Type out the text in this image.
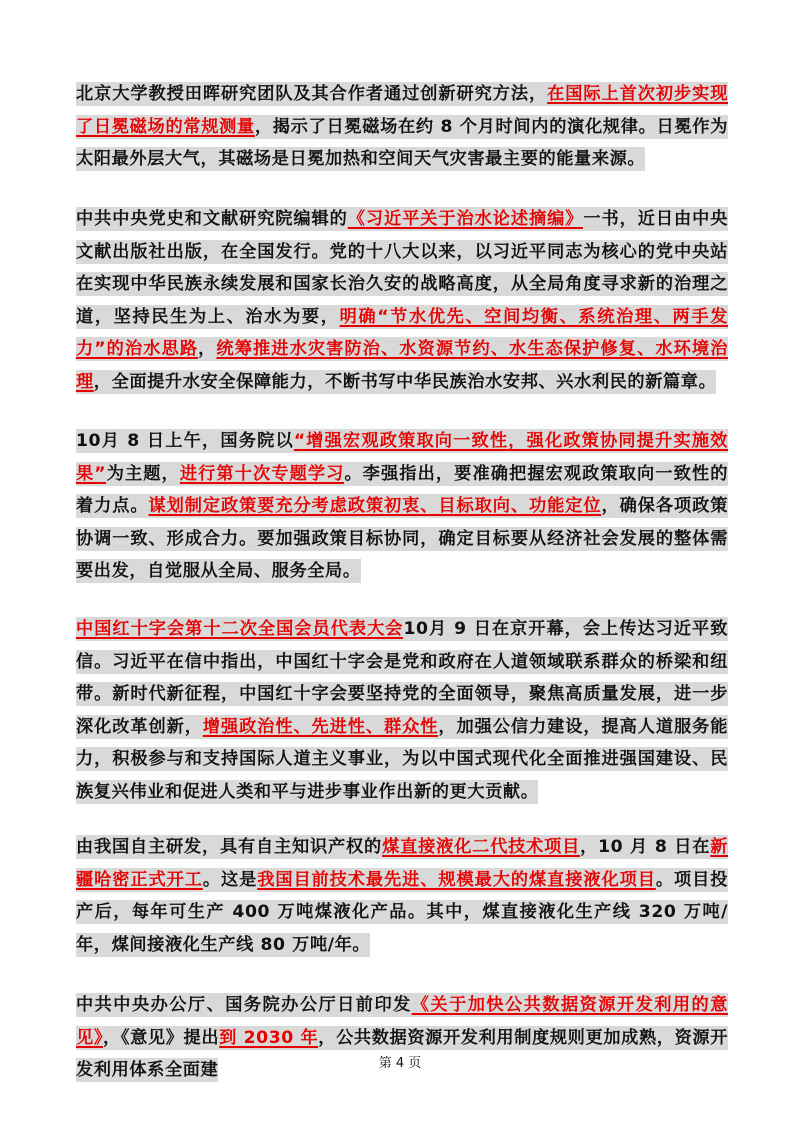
北京大学教授田晖研究团队及其合作者通过创新研究方法，在国际上首次初步实现了日冕磁场的常规测量，揭示了日冕磁场在约 8 个月时间内的演化规律。日冕作为太阳最外层大气，其磁场是日冕加热和空间天气灾害最主要的能量来源。
中共中央党史和文献研究院编辑的《习近平关于治水论述摘编》一书，近日由中央文献出版社出版，在全国发行。党的十八大以来，以习近平同志为核心的党中央站在实现中华民族永续发展和国家长治久安的战略高度，从全局角度寻求新的治理之道，坚持民生为上、治水为要，明确“节水优先、空间均衡、系统治理、两手发力”的治水思路，统筹推进水灾害防治、水资源节约、水生态保护修复、水环境治理，全面提升水安全保障能力，不断书写中华民族治水安邦、兴水利民的新篇章。
10月 8 日上午，国务院以“增强宏观政策取向一致性，强化政策协同提升实施效果”为主题，进行第十次专题学习。李强指出，要准确把握宏观政策取向一致性的着力点。谋划制定政策要充分考虑政策初衷、目标取向、功能定位，确保各项政策协调一致、形成合力。要加强政策目标协同，确定目标要从经济社会发展的整体需要出发，自觉服从全局、服务全局。
中国红十字会第十二次全国会员代表大会10月 9 日在京开幕，会上传达习近平致信。习近平在信中指出，中国红十字会是党和政府在人道领域联系群众的桥梁和纽带。新时代新征程，中国红十字会要坚持党的全面领导，聚焦高质量发展，进一步深化改革创新，增强政治性、先进性、群众性，加强公信力建设，提高人道服务能力，积极参与和支持国际人道主义事业，为以中国式现代化全面推进强国建设、民族复兴伟业和促进人类和平与进步事业作出新的更大贡献。
由我国自主研发，具有自主知识产权的煤直接液化二代技术项目，10 月 8 日在新疆哈密正式开工。这是我国目前技术最先进、规模最大的煤直接液化项目。项目投产后，每年可生产 400 万吨煤液化产品。其中，煤直接液化生产线 320 万吨/年，煤间接液化生产线 80 万吨/年。
中共中央办公厅、国务院办公厅日前印发《关于加快公共数据资源开发利用的意见》，《意见》提出到 2030 年，公共数据资源开发利用制度规则更加成熟，资源开发利用体系全面建	第 4 页
